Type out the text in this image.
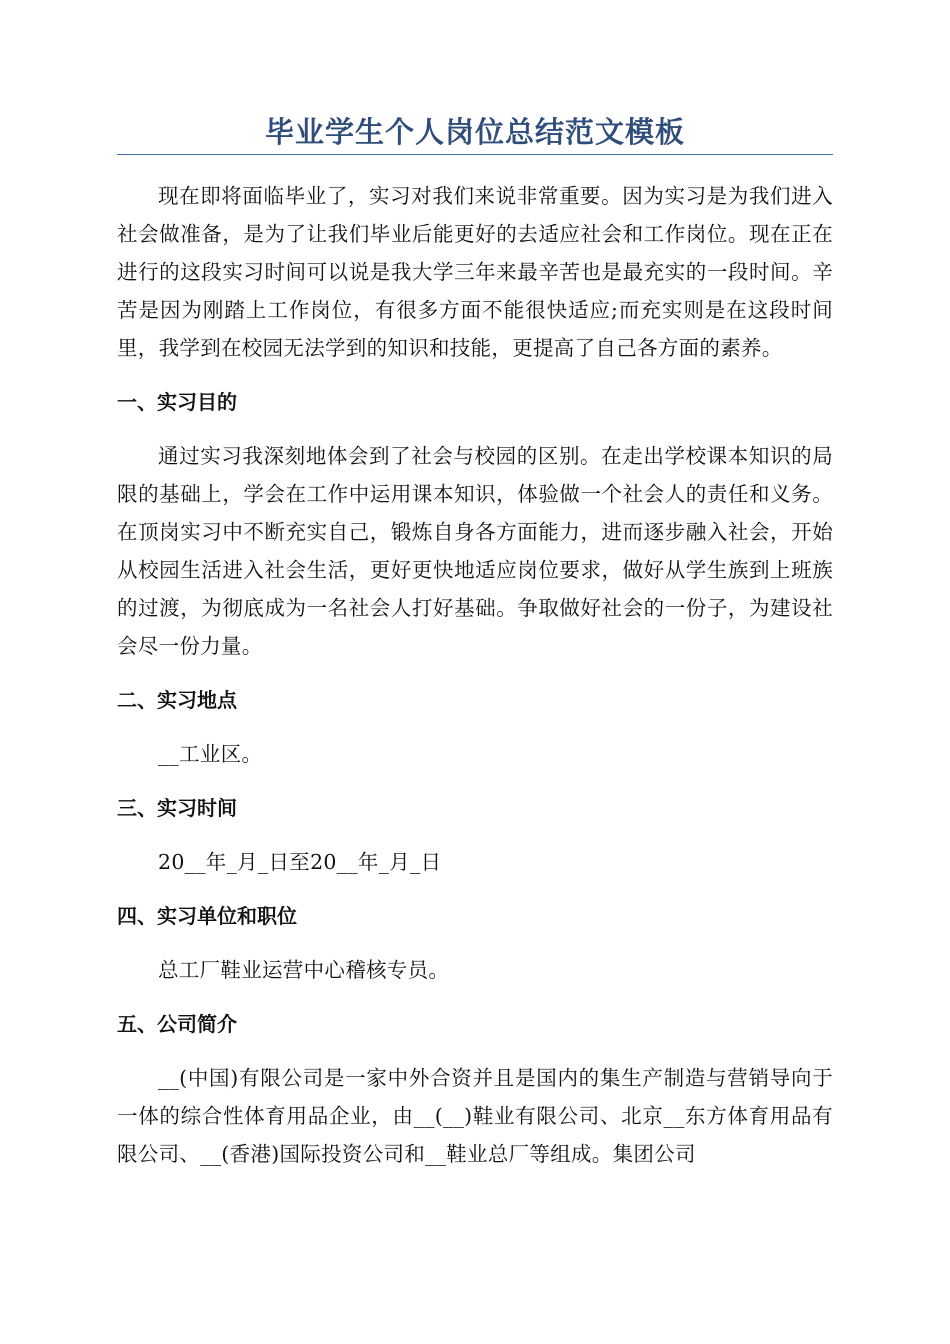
毕业学生个人岗位总结范文模板

现在即将面临毕业了，实习对我们来说非常重要。因为实习是为我们进入社会做准备，是为了让我们毕业后能更好的去适应社会和工作岗位。现在正在进行的这段实习时间可以说是我大学三年来最辛苦也是最充实的一段时间。辛苦是因为刚踏上工作岗位，有很多方面不能很快适应;而充实则是在这段时间里，我学到在校园无法学到的知识和技能，更提高了自己各方面的素养。

一、实习目的

通过实习我深刻地体会到了社会与校园的区别。在走出学校课本知识的局限的基础上，学会在工作中运用课本知识，体验做一个社会人的责任和义务。在顶岗实习中不断充实自己，锻炼自身各方面能力，进而逐步融入社会，开始从校园生活进入社会生活，更好更快地适应岗位要求，做好从学生族到上班族的过渡，为彻底成为一名社会人打好基础。争取做好社会的一份子，为建设社会尽一份力量。

二、实习地点

__工业区。

三、实习时间

20__年_月_日至20__年_月_日

四、实习单位和职位

总工厂鞋业运营中心稽核专员。

五、公司简介

__(中国)有限公司是一家中外合资并且是国内的集生产制造与营销导向于一体的综合性体育用品企业，由__(__)鞋业有限公司、北京__东方体育用品有限公司、__(香港)国际投资公司和__鞋业总厂等组成。集团公司
